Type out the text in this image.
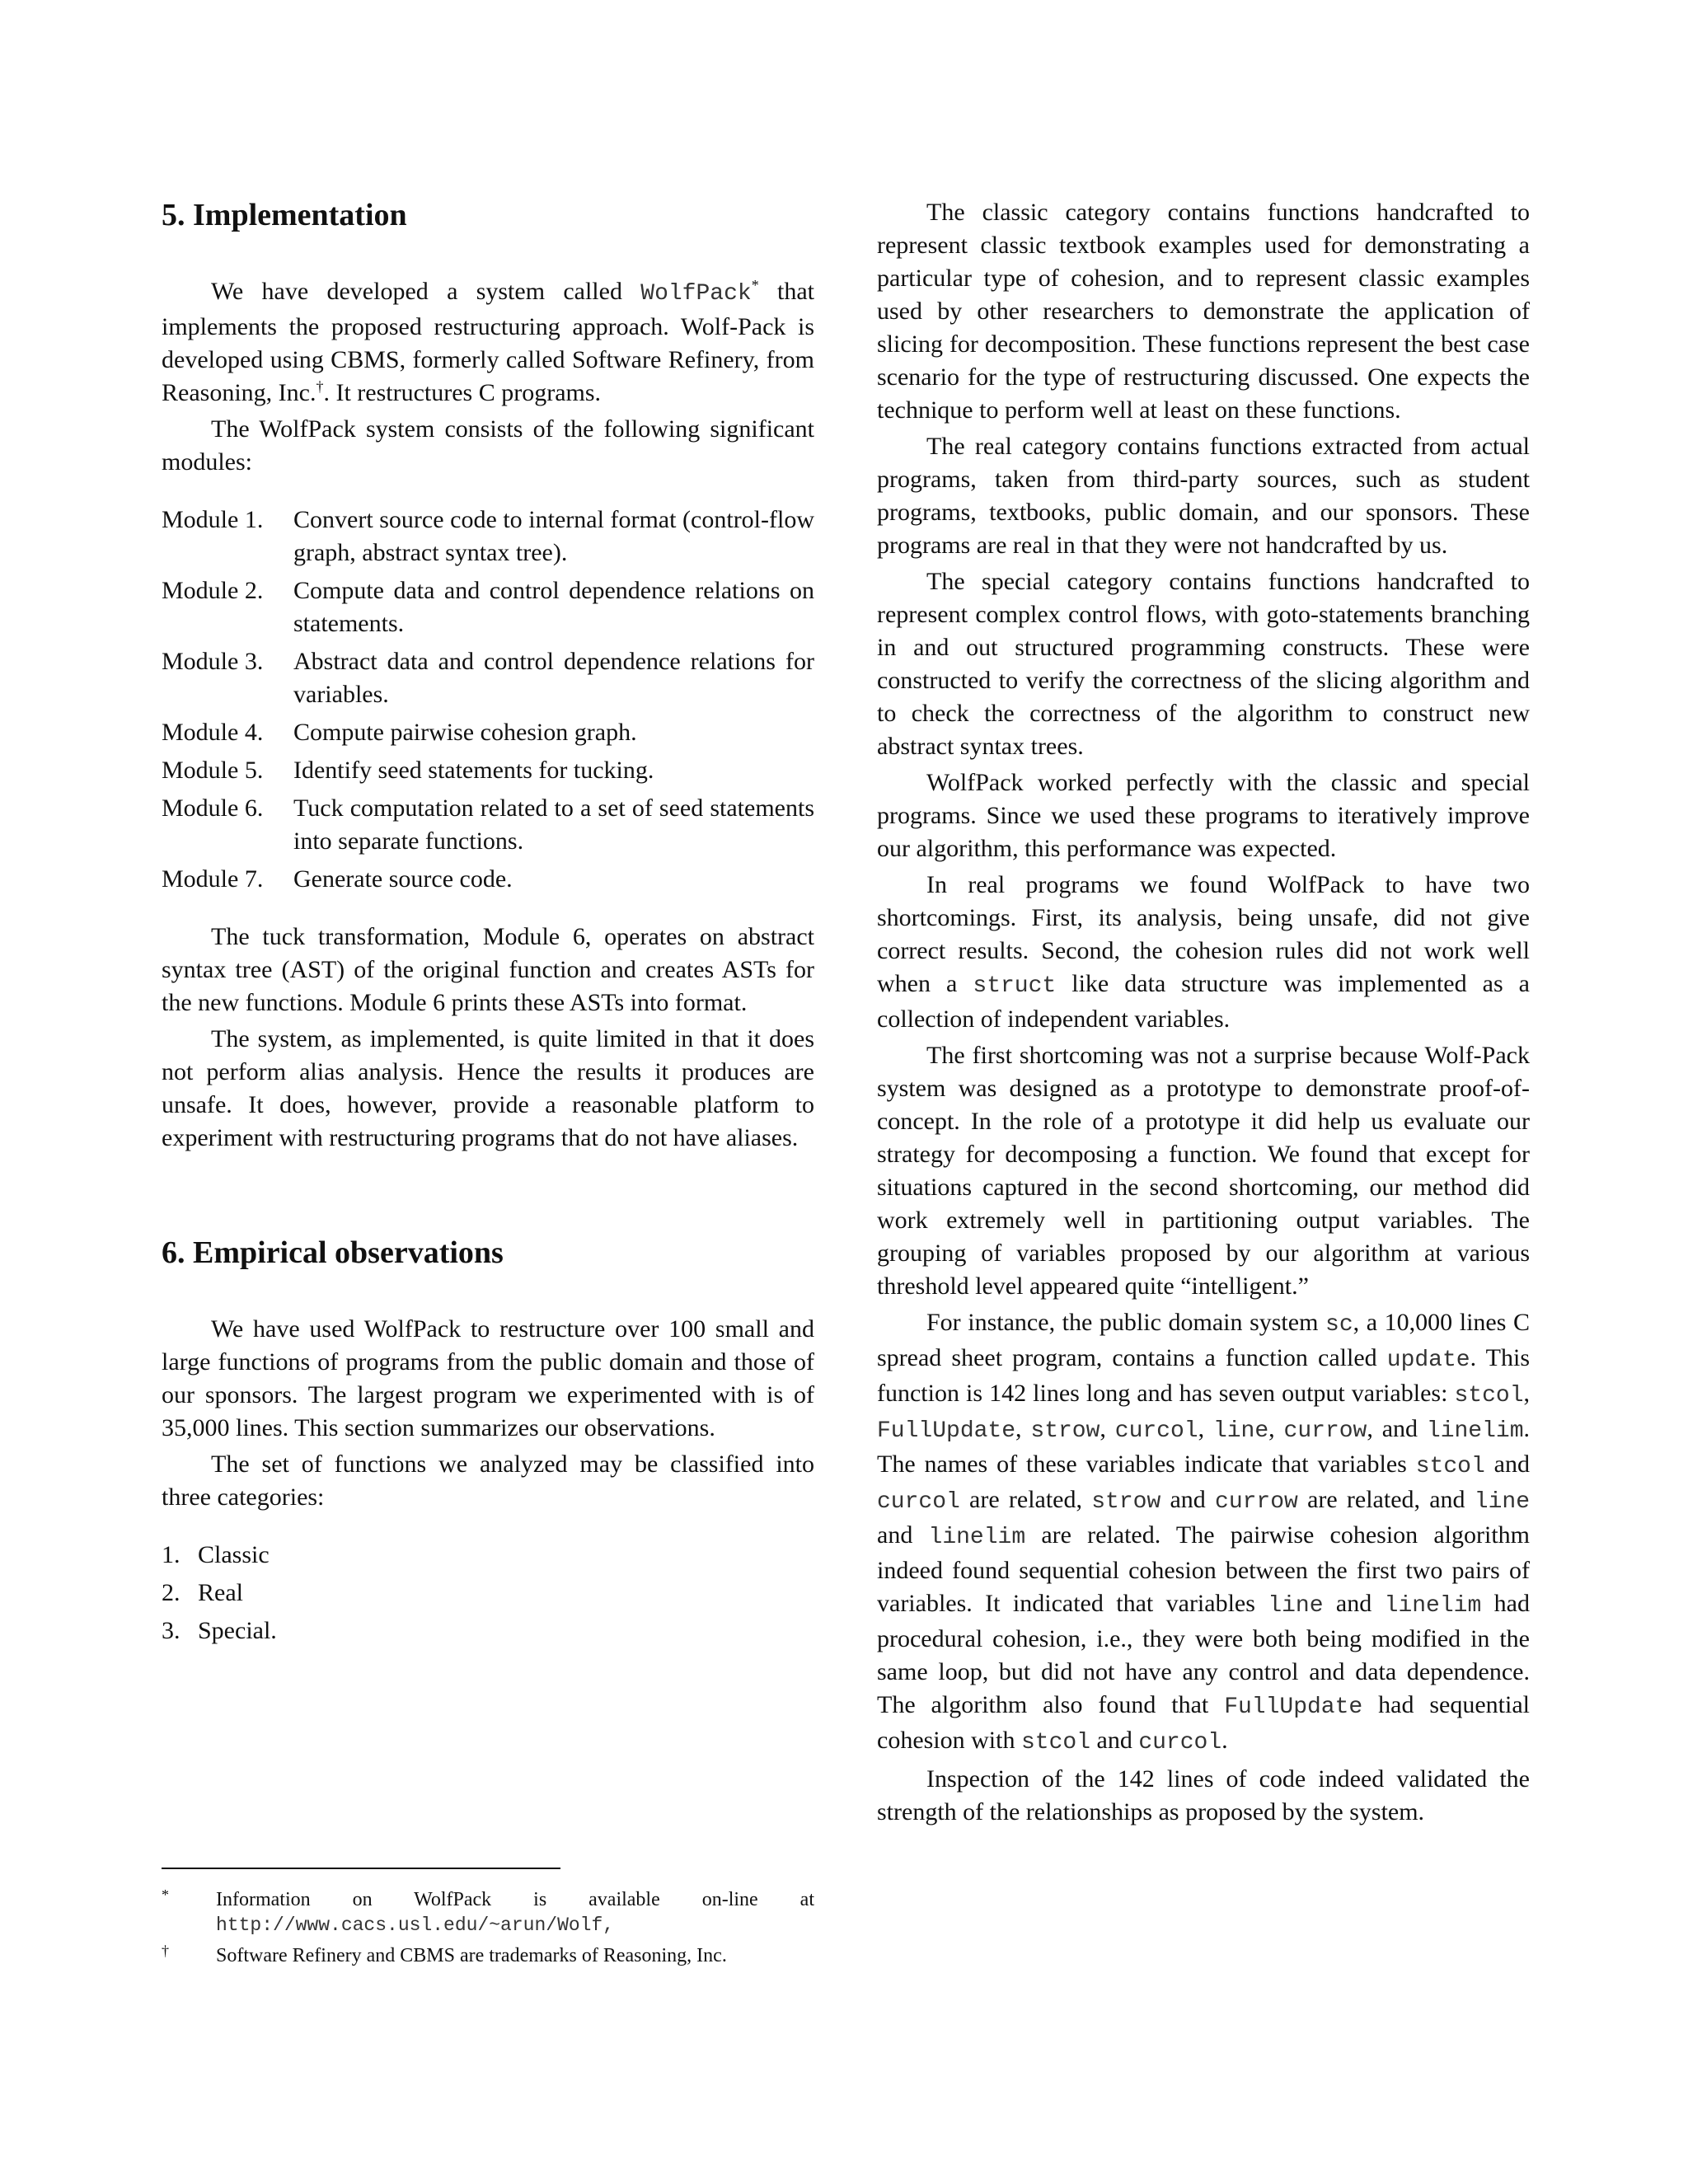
5. Implementation

We have developed a system called WolfPack* that implements the proposed restructuring approach. Wolf-Pack is developed using CBMS, formerly called Software Refinery, from Reasoning, Inc.†. It restructures C programs.

The WolfPack system consists of the following significant modules:

Module 1.	Convert source code to internal format (control-flow graph, abstract syntax tree).
Module 2.	Compute data and control dependence relations on statements.
Module 3.	Abstract data and control dependence relations for variables.
Module 4.	Compute pairwise cohesion graph.
Module 5.	Identify seed statements for tucking.
Module 6.	Tuck computation related to a set of seed statements into separate functions.
Module 7.	Generate source code.

The tuck transformation, Module 6, operates on abstract syntax tree (AST) of the original function and creates ASTs for the new functions. Module 6 prints these ASTs into format.

The system, as implemented, is quite limited in that it does not perform alias analysis. Hence the results it produces are unsafe. It does, however, provide a reasonable platform to experiment with restructuring programs that do not have aliases.

6. Empirical observations

We have used WolfPack to restructure over 100 small and large functions of programs from the public domain and those of our sponsors. The largest program we experimented with is of 35,000 lines. This section summarizes our observations.

The set of functions we analyzed may be classified into three categories:

1. Classic
2. Real
3. Special.
*	Information on WolfPack is available on-line at http://www.cacs.usl.edu/~arun/Wolf,
†	Software Refinery and CBMS are trademarks of Reasoning, Inc.

The classic category contains functions handcrafted to represent classic textbook examples used for demonstrating a particular type of cohesion, and to represent classic examples used by other researchers to demonstrate the application of slicing for decomposition. These functions represent the best case scenario for the type of restructuring discussed. One expects the technique to perform well at least on these functions.

The real category contains functions extracted from actual programs, taken from third-party sources, such as student programs, textbooks, public domain, and our sponsors. These programs are real in that they were not handcrafted by us.

The special category contains functions handcrafted to represent complex control flows, with goto-statements branching in and out structured programming constructs. These were constructed to verify the correctness of the slicing algorithm and to check the correctness of the algorithm to construct new abstract syntax trees.

WolfPack worked perfectly with the classic and special programs. Since we used these programs to iteratively improve our algorithm, this performance was expected.

In real programs we found WolfPack to have two shortcomings. First, its analysis, being unsafe, did not give correct results. Second, the cohesion rules did not work well when a struct like data structure was implemented as a collection of independent variables.

The first shortcoming was not a surprise because Wolf-Pack system was designed as a prototype to demonstrate proof-of-concept. In the role of a prototype it did help us evaluate our strategy for decomposing a function. We found that except for situations captured in the second shortcoming, our method did work extremely well in partitioning output variables. The grouping of variables proposed by our algorithm at various threshold level appeared quite “intelligent.”

For instance, the public domain system sc, a 10,000 lines C spread sheet program, contains a function called update. This function is 142 lines long and has seven output variables: stcol, FullUpdate, strow, curcol, line, currow, and linelim. The names of these variables indicate that variables stcol and curcol are related, strow and currow are related, and line and linelim are related. The pairwise cohesion algorithm indeed found sequential cohesion between the first two pairs of variables. It indicated that variables line and linelim had procedural cohesion, i.e., they were both being modified in the same loop, but did not have any control and data dependence. The algorithm also found that FullUpdate had sequential cohesion with stcol and curcol.

Inspection of the 142 lines of code indeed validated the strength of the relationships as proposed by the system.
